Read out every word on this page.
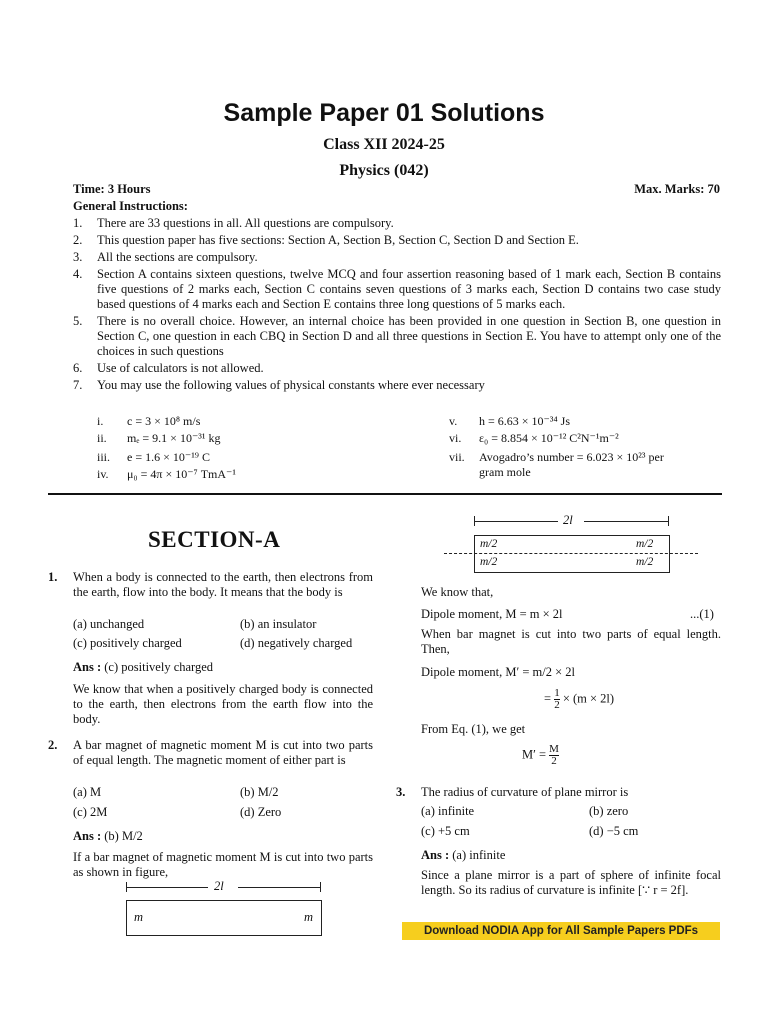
Sample Paper 01 Solutions
Class XII 2024-25
Physics (042)
Time: 3 Hours	Max. Marks: 70
General Instructions:
1. There are 33 questions in all. All questions are compulsory.
2. This question paper has five sections: Section A, Section B, Section C, Section D and Section E.
3. All the sections are compulsory.
4. Section A contains sixteen questions, twelve MCQ and four assertion reasoning based of 1 mark each, Section B contains five questions of 2 marks each, Section C contains seven questions of 3 marks each, Section D contains two case study based questions of 4 marks each and Section E contains three long questions of 5 marks each.
5. There is no overall choice. However, an internal choice has been provided in one question in Section B, one question in Section C, one question in each CBQ in Section D and all three questions in Section E. You have to attempt only one of the choices in such questions
6. Use of calculators is not allowed.
7. You may use the following values of physical constants where ever necessary
i. c = 3 × 10⁸ m/s
ii. mₑ = 9.1 × 10⁻³¹ kg
iii. e = 1.6 × 10⁻¹⁹ C
iv. μ₀ = 4π × 10⁻⁷ TmA⁻¹
v. h = 6.63 × 10⁻³⁴ Js
vi. ε₀ = 8.854 × 10⁻¹² C²N⁻¹m⁻²
vii. Avogadro’s number = 6.023 × 10²³ per
gram mole
SECTION-A
1. When a body is connected to the earth, then electrons from the earth, flow into the body. It means that the body is
(a) unchanged	(b) an insulator
(c) positively charged	(d) negatively charged
Ans : (c) positively charged
We know that when a positively charged body is connected to the earth, then electrons from the earth flow into the body.
2. A bar magnet of magnetic moment M is cut into two parts of equal length. The magnetic moment of either part is
(a) M	(b) M/2
(c) 2M	(d) Zero
Ans : (b) M/2
If a bar magnet of magnetic moment M is cut into two parts as shown in figure,
2l
m	m
2l
m/2	m/2
m/2	m/2
We know that,
Dipole moment, M = m × 2l	...(1)
When bar magnet is cut into two parts of equal length. Then,
Dipole moment, M′ = m/2 × 2l
= $\frac{1}{2} \times (m \times 2l)$
From Eq. (1), we get
$M' = \frac{M}{2}$
3. The radius of curvature of plane mirror is
(a) infinite	(b) zero
(c) +5 cm	(d) −5 cm
Ans : (a) infinite
Since a plane mirror is a part of sphere of infinite focal length. So its radius of curvature is infinite [∵ r = 2f].
Download NODIA App for All Sample Papers PDFs
